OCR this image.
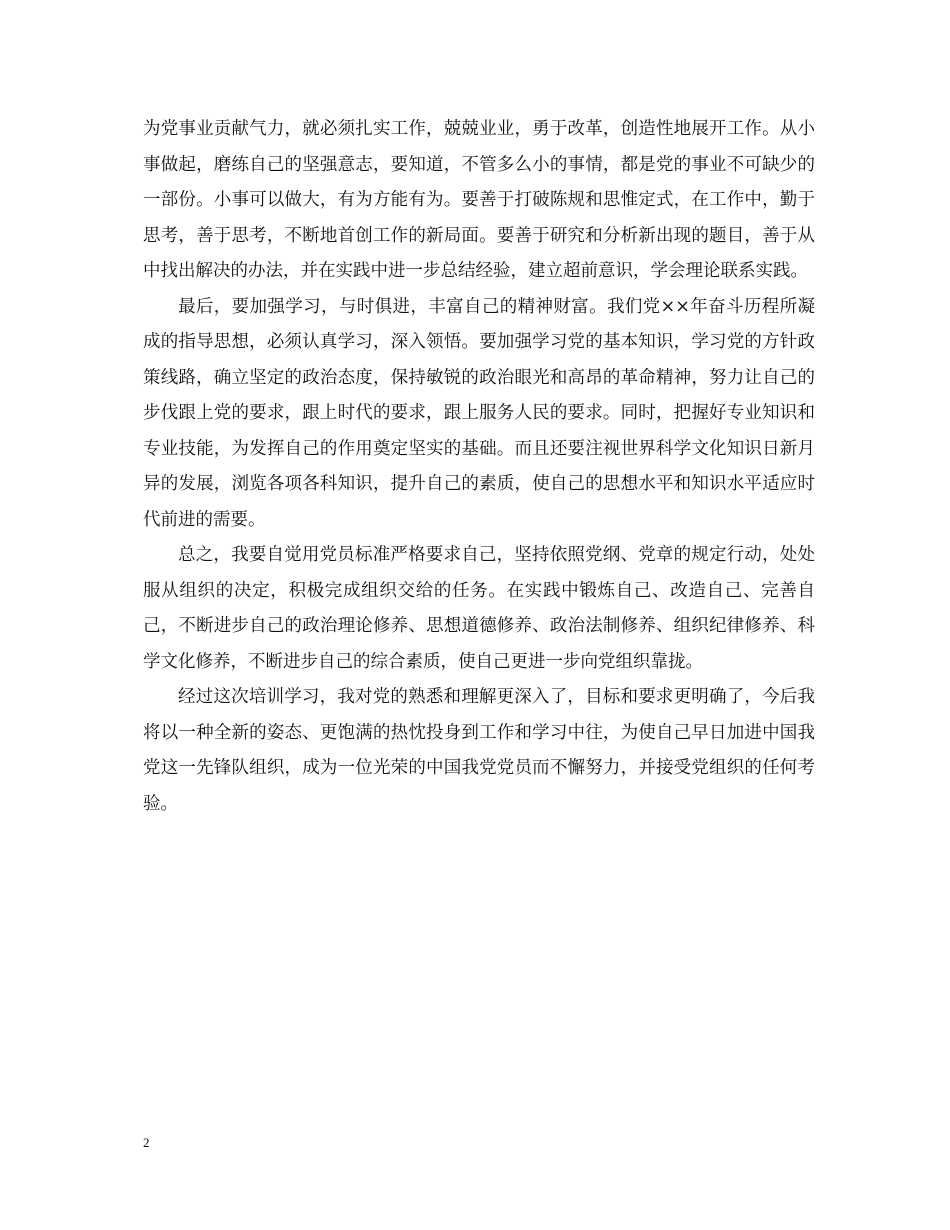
为党事业贡献气力，就必须扎实工作，兢兢业业，勇于改革，创造性地展开工作。从小事做起，磨练自己的坚强意志，要知道，不管多么小的事情，都是党的事业不可缺少的一部份。小事可以做大，有为方能有为。要善于打破陈规和思惟定式，在工作中，勤于思考，善于思考，不断地首创工作的新局面。要善于研究和分析新出现的题目，善于从中找出解决的办法，并在实践中进一步总结经验，建立超前意识，学会理论联系实践。

最后，要加强学习，与时俱进，丰富自己的精神财富。我们党××年奋斗历程所凝成的指导思想，必须认真学习，深入领悟。要加强学习党的基本知识，学习党的方针政策线路，确立坚定的政治态度，保持敏锐的政治眼光和高昂的革命精神，努力让自己的步伐跟上党的要求，跟上时代的要求，跟上服务人民的要求。同时，把握好专业知识和专业技能，为发挥自己的作用奠定坚实的基础。而且还要注视世界科学文化知识日新月异的发展，浏览各项各科知识，提升自己的素质，使自己的思想水平和知识水平适应时代前进的需要。

总之，我要自觉用党员标准严格要求自己，坚持依照党纲、党章的规定行动，处处服从组织的决定，积极完成组织交给的任务。在实践中锻炼自己、改造自己、完善自己，不断进步自己的政治理论修养、思想道德修养、政治法制修养、组织纪律修养、科学文化修养，不断进步自己的综合素质，使自己更进一步向党组织靠拢。

经过这次培训学习，我对党的熟悉和理解更深入了，目标和要求更明确了，今后我将以一种全新的姿态、更饱满的热忱投身到工作和学习中往，为使自己早日加进中国我党这一先锋队组织，成为一位光荣的中国我党党员而不懈努力，并接受党组织的任何考验。

2
